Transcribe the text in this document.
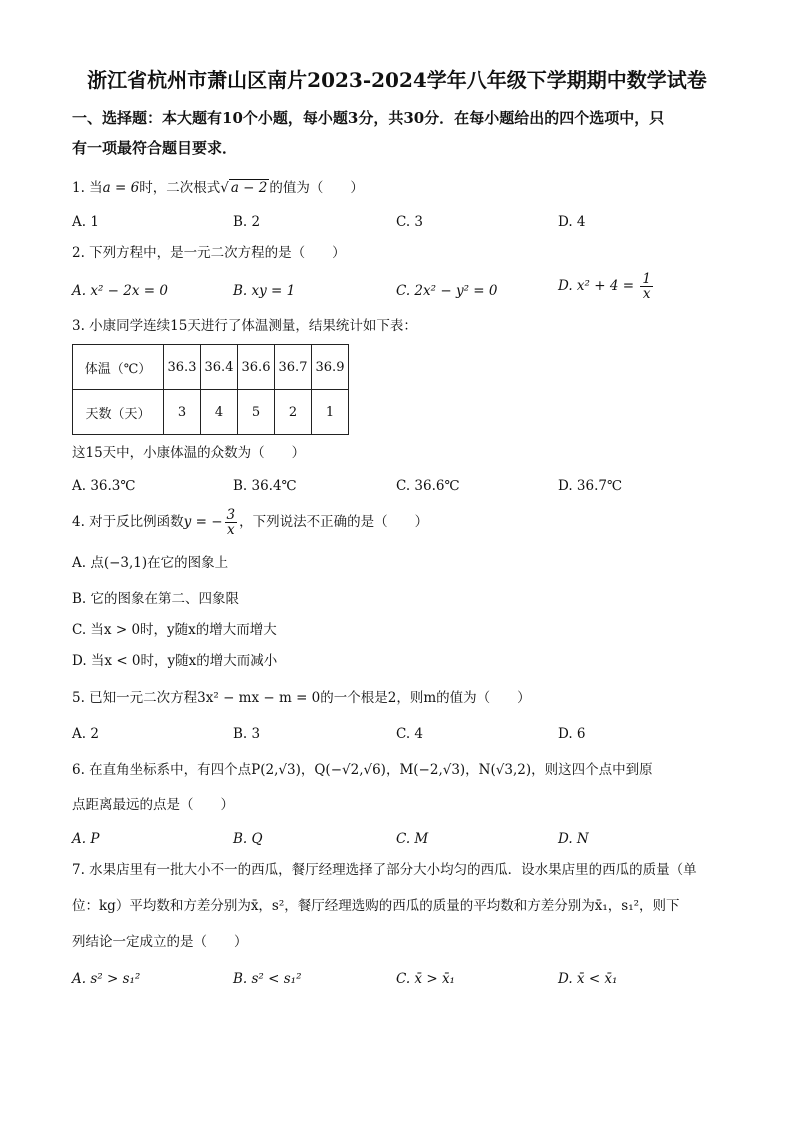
浙江省杭州市萧山区南片2023-2024学年八年级下学期期中数学试卷
一、选择题：本大题有10个小题，每小题3分，共30分．在每小题给出的四个选项中，只
有一项最符合题目要求．
1. 当a = 6时，二次根式√ a − 2 的值为（　　）
A. 1	B. 2	C. 3	D. 4
2. 下列方程中，是一元二次方程的是（　　）
A. x² − 2x = 0	B. xy = 1	C. 2x² − y² = 0	D. $x^2 + 4 = \frac{1}{x}$
3. 小康同学连续15天进行了体温测量，结果统计如下表：
体温（℃）	36.3	36.4	36.6	36.7	36.9
天数（天）	3	4	5	2	1
这15天中，小康体温的众数为（　　）
A. 36.3℃	B. 36.4℃	C. 36.6℃	D. 36.7℃
4. 对于反比例函数y = − $\frac{3}{x}$ ，下列说法不正确的是（　　）
A. 点(−3,1)在它的图象上
B. 它的图象在第二、四象限
C. 当x > 0时，y随x的增大而增大
D. 当x < 0时，y随x的增大而减小
5. 已知一元二次方程3x² − mx − m = 0的一个根是2，则m的值为（　　）
A. 2	B. 3	C. 4	D. 6
6. 在直角坐标系中，有四个点P(2,√3)，Q(−√2,√6)，M(−2,√3)，N(√3,2)，则这四个点中到原
点距离最远的点是（　　）
A. P	B. Q	C. M	D. N
7. 水果店里有一批大小不一的西瓜，餐厅经理选择了部分大小均匀的西瓜．设水果店里的西瓜的质量（单
位：kg）平均数和方差分别为x̄，s²，餐厅经理选购的西瓜的质量的平均数和方差分别为x̄₁，s₁²，则下
列结论一定成立的是（　　）
A. s² > s₁²	B. s² < s₁²	C. x̄ > x̄₁	D. x̄ < x̄₁
